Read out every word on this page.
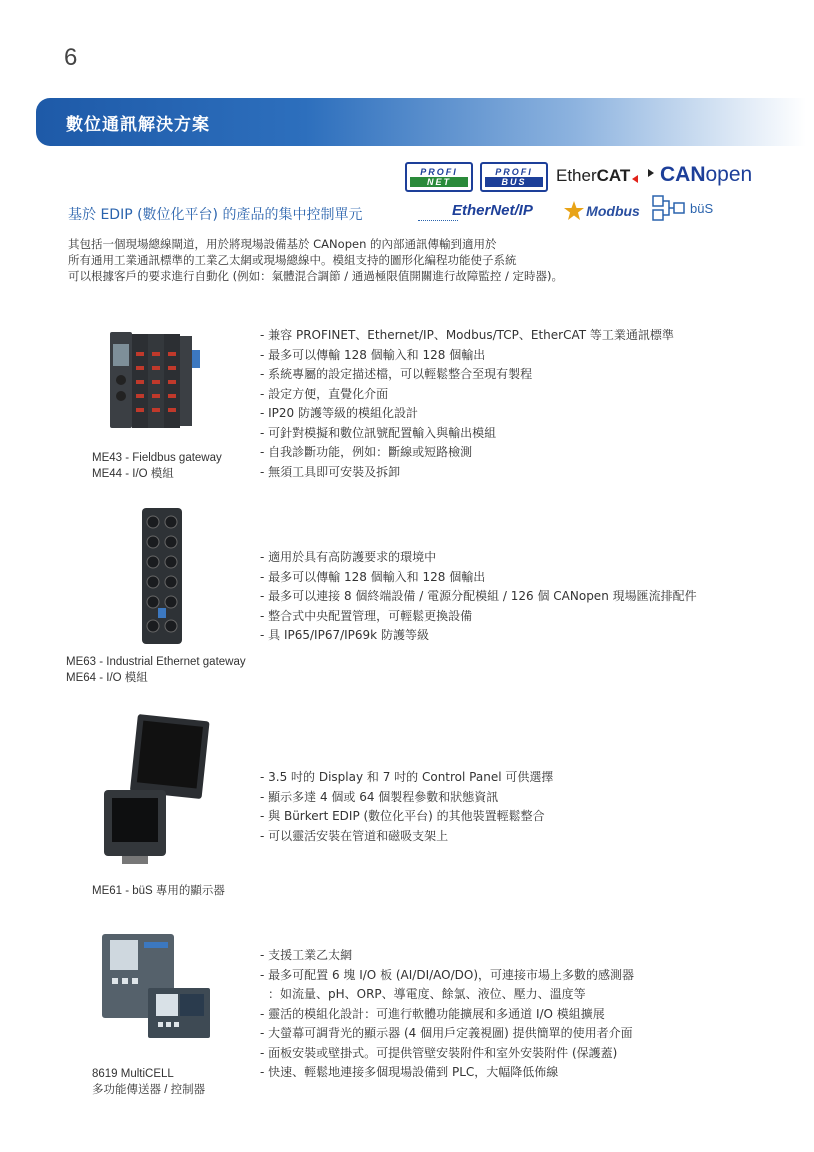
6
數位通訊解決方案
PROFI
NET
PROFI
BUS	Ether CAT CAN open
EtherNet/IP	Modbus	büS
基於 EDIP (數位化平台) 的產品的集中控制單元

其包括一個現場總線閘道，用於將現場設備基於 CANopen 的內部通訊傳輸到適用於

所有通用工業通訊標準的工業乙太網或現場總線中。模組支持的圖形化編程功能使子系統

可以根據客戶的要求進行自動化 (例如：氣體混合調節 / 通過極限值開關進行故障監控 / 定時器)。

ME43 - Fieldbus gateway
ME44 - I/O 模組
- 兼容 PROFINET、Ethernet/IP、Modbus/TCP、EtherCAT 等工業通訊標準
- 最多可以傳輸 128 個輸入和 128 個輸出
- 系統專屬的設定描述檔，可以輕鬆整合至現有製程
- 設定方便，直覺化介面
- IP20 防護等級的模組化設計
- 可針對模擬和數位訊號配置輸入與輸出模組
- 自我診斷功能，例如：斷線或短路檢測
- 無須工具即可安裝及拆卸
ME63 - Industrial Ethernet gateway
ME64 - I/O 模組
- 適用於具有高防護要求的環境中
- 最多可以傳輸 128 個輸入和 128 個輸出
- 最多可以連接 8 個終端設備 / 電源分配模組 / 126 個 CANopen 現場匯流排配件
- 整合式中央配置管理，可輕鬆更換設備
- 具 IP65/IP67/IP69k 防護等級
ME61 - büS 專用的顯示器
- 3.5 吋的 Display 和 7 吋的 Control Panel 可供選擇
- 顯示多達 4 個或 64 個製程參數和狀態資訊
- 與 Bürkert EDIP (數位化平台) 的其他裝置輕鬆整合
- 可以靈活安裝在管道和磁吸支架上
8619 MultiCELL
多功能傳送器 / 控制器
- 支援工業乙太網
- 最多可配置 6 塊 I/O 板 (AI/DI/AO/DO)，可連接市場上多數的感測器
：如流量、pH、ORP、導電度、餘氯、液位、壓力、溫度等
- 靈活的模組化設計：可進行軟體功能擴展和多通道 I/O 模組擴展
- 大螢幕可調背光的顯示器 (4 個用戶定義視圖) 提供簡單的使用者介面
- 面板安裝或壁掛式。可提供管壁安裝附件和室外安裝附件 (保護蓋)
- 快速、輕鬆地連接多個現場設備到 PLC，大幅降低佈線
